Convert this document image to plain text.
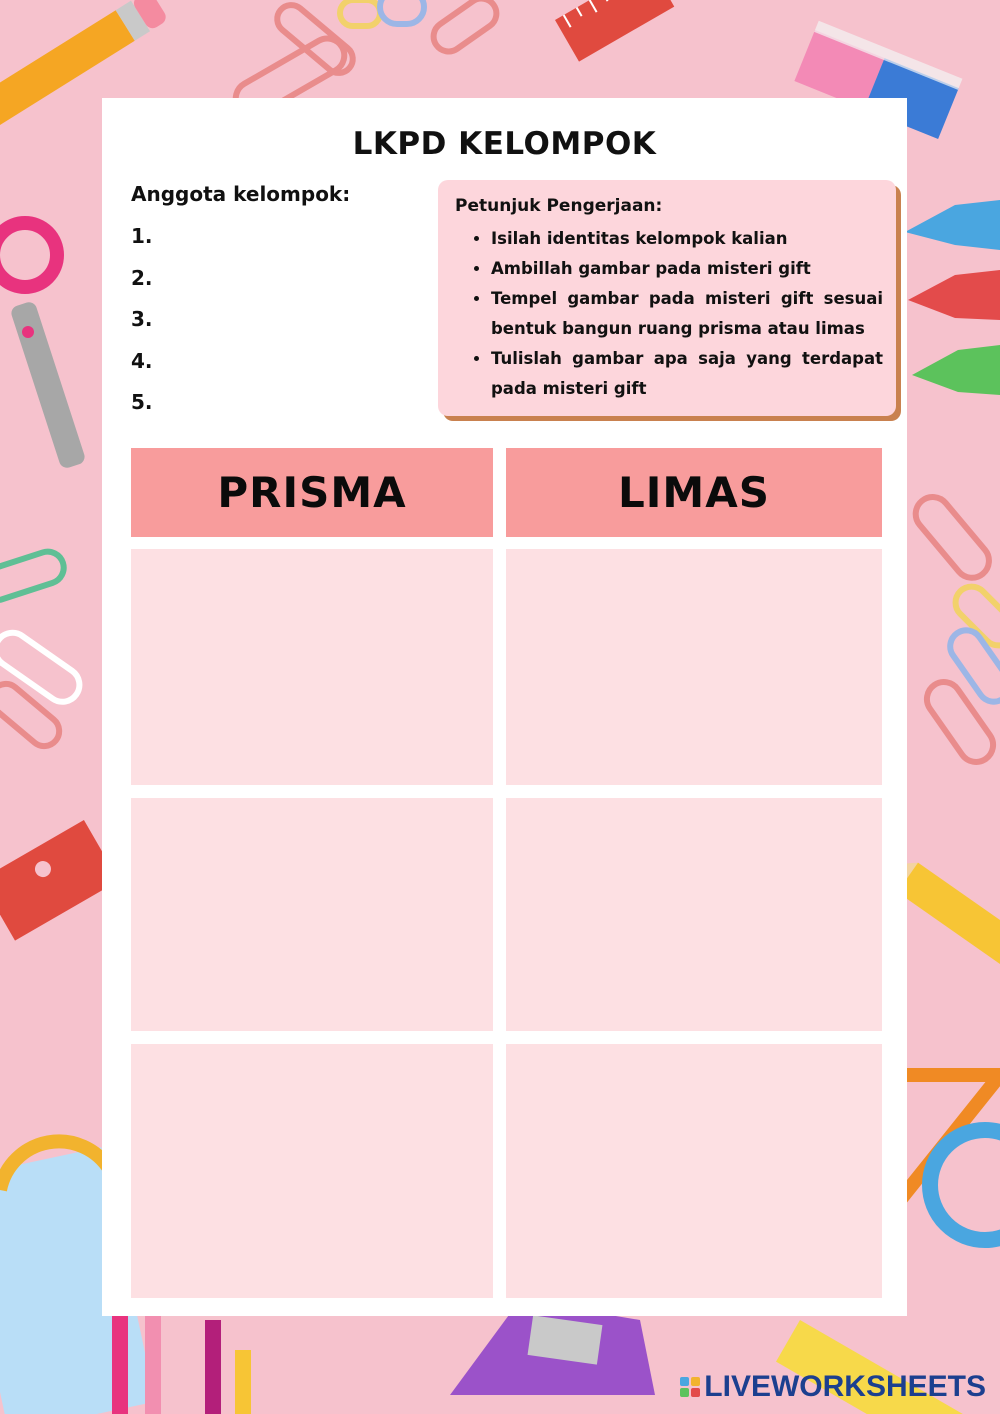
LKPD KELOMPOK
Anggota kelompok:
1.
2.
3.
4.
5.
Petunjuk Pengerjaan:
• Isilah identitas kelompok kalian
• Ambillah gambar pada misteri gift
• Tempel gambar pada misteri gift sesuai bentuk bangun ruang prisma atau limas
• Tulislah gambar apa saja yang terdapat pada misteri gift
PRISMA	LIMAS
LIVEWORKSHEETS
